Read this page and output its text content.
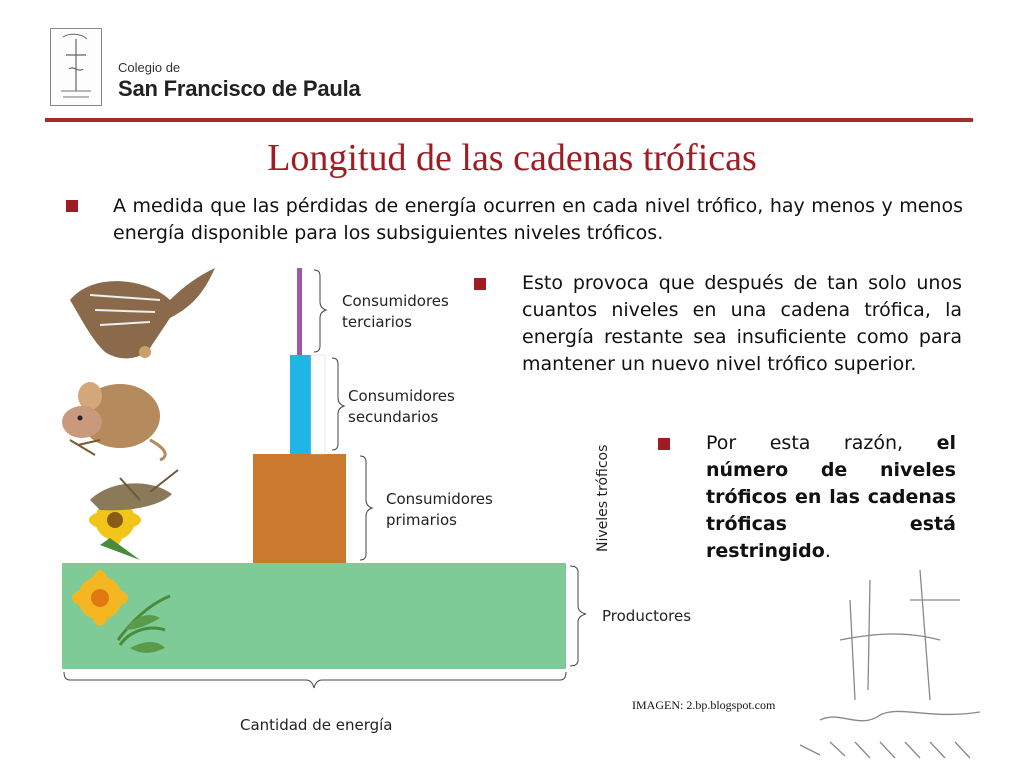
Colegio de
San Francisco de Paula
Longitud de las cadenas tróficas
A medida que las pérdidas de energía ocurren en cada nivel trófico, hay menos y menos energía disponible para los subsiguientes niveles tróficos.
Esto provoca que después de tan solo unos cuantos niveles en una cadena trófica, la energía restante sea insuficiente como para mantener un nuevo nivel trófico superior.
Por esta razón, el número de niveles tróficos en las cadenas tróficas está restringido.
Consumidores
terciarios
Consumidores
secundarios
Consumidores
primarios
Productores
Cantidad de energía
Niveles tróficos
IMAGEN: 2.bp.blogspot.com
